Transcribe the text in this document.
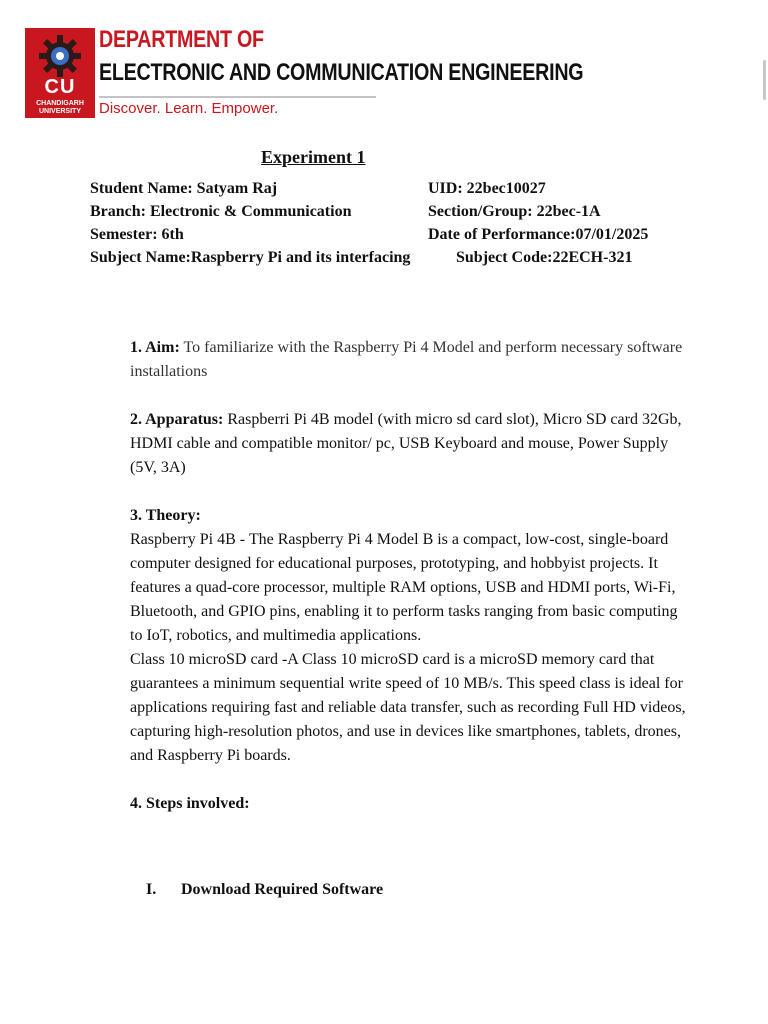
CU
CHANDIGARH
UNIVERSITY
DEPARTMENT OF
ELECTRONIC AND COMMUNICATION ENGINEERING
Discover. Learn. Empower.
Experiment 1
Student Name: Satyam Raj	UID: 22bec10027
Branch: Electronic & Communication	Section/Group: 22bec-1A
Semester: 6th	Date of Performance:07/01/2025
Subject Name:Raspberry Pi and its interfacing	Subject Code:22ECH-321

1. Aim: To familiarize with the Raspberry Pi 4 Model and perform necessary software installations

2. Apparatus: Raspberri Pi 4B model (with micro sd card slot), Micro SD card 32Gb, HDMI cable and compatible monitor/ pc, USB Keyboard and mouse, Power Supply (5V, 3A)

3. Theory:

Raspberry Pi 4B - The Raspberry Pi 4 Model B is a compact, low-cost, single-board computer designed for educational purposes, prototyping, and hobbyist projects. It features a quad-core processor, multiple RAM options, USB and HDMI ports, Wi-Fi, Bluetooth, and GPIO pins, enabling it to perform tasks ranging from basic computing to IoT, robotics, and multimedia applications.

Class 10 microSD card -A Class 10 microSD card is a microSD memory card that guarantees a minimum sequential write speed of 10 MB/s. This speed class is ideal for applications requiring fast and reliable data transfer, such as recording Full HD videos, capturing high-resolution photos, and use in devices like smartphones, tablets, drones, and Raspberry Pi boards.

4. Steps involved:

I. Download Required Software
